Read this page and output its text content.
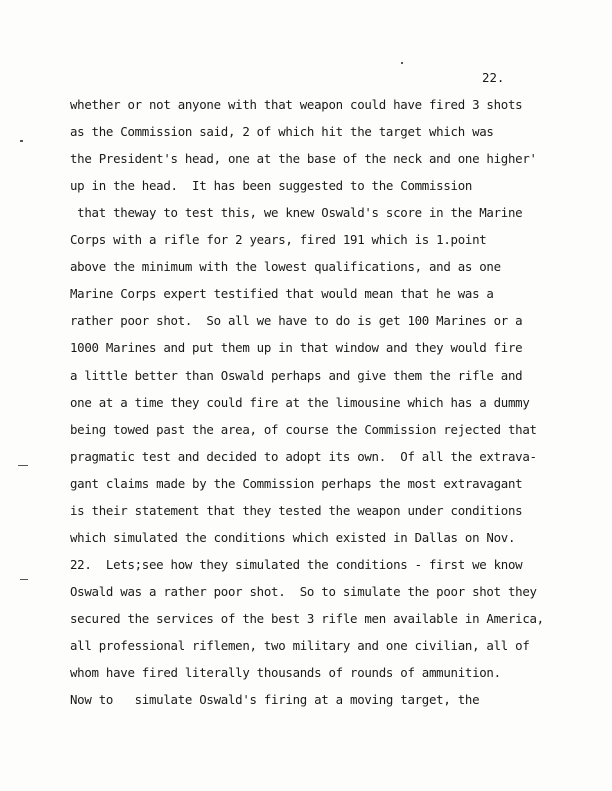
22.
whether or not anyone with that weapon could have fired 3 shots
as the Commission said, 2 of which hit the target which was
the President's head, one at the base of the neck and one higher'
up in the head.  It has been suggested to the Commission
that theway to test this, we knew Oswald's score in the Marine
Corps with a rifle for 2 years, fired 191 which is 1.point
above the minimum with the lowest qualifications, and as one
Marine Corps expert testified that would mean that he was a
rather poor shot.  So all we have to do is get 100 Marines or a
1000 Marines and put them up in that window and they would fire
a little better than Oswald perhaps and give them the rifle and
one at a time they could fire at the limousine which has a dummy
being towed past the area, of course the Commission rejected that
pragmatic test and decided to adopt its own.  Of all the extrava-
gant claims made by the Commission perhaps the most extravagant
is their statement that they tested the weapon under conditions
which simulated the conditions which existed in Dallas on Nov.
22.  Lets;see how they simulated the conditions - first we know
Oswald was a rather poor shot.  So to simulate the poor shot they
secured the services of the best 3 rifle men available in America,
all professional riflemen, two military and one civilian, all of
whom have fired literally thousands of rounds of ammunition.
Now to   simulate Oswald's firing at a moving target, the
